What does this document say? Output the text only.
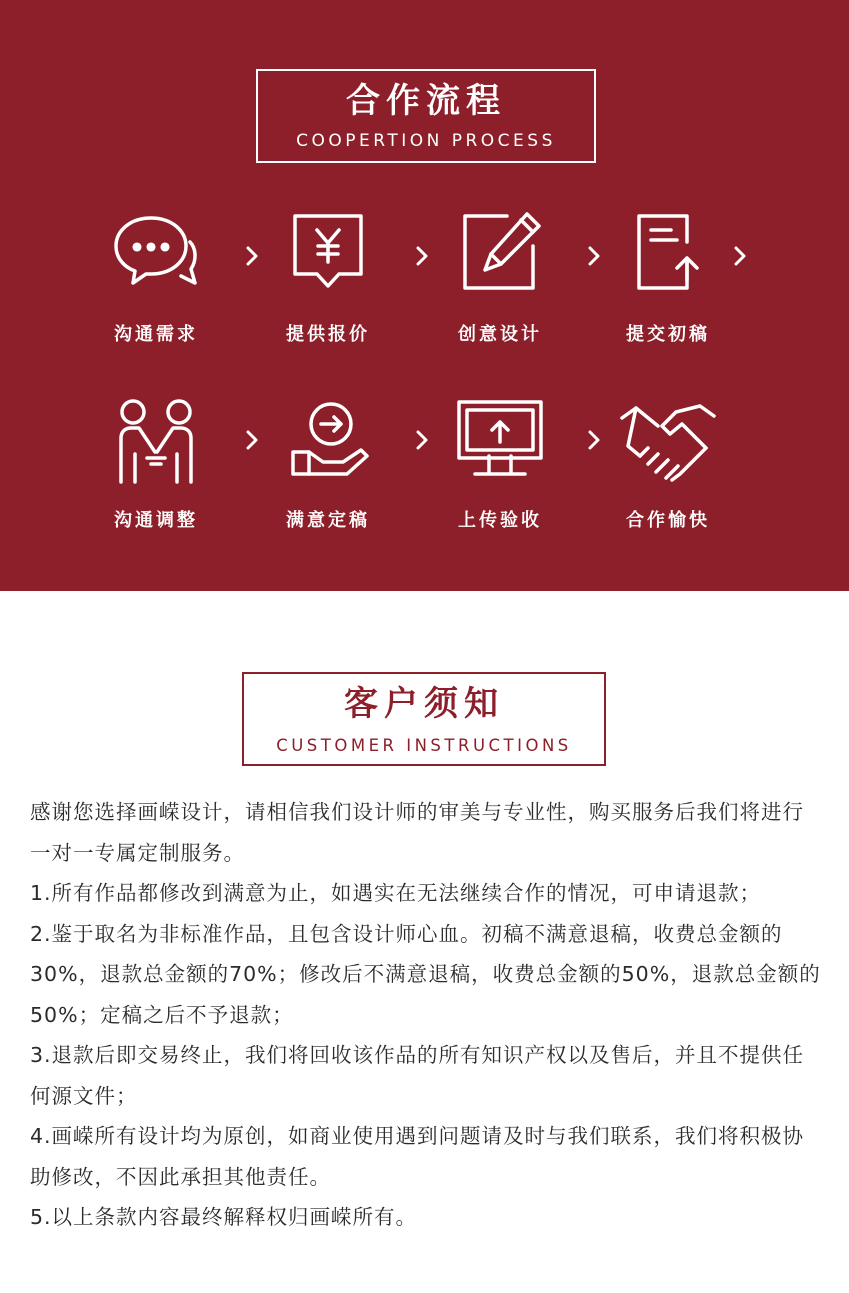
合作流程
COOPERTION PROCESS
沟通需求	提供报价	创意设计	提交初稿
沟通调整	满意定稿	上传验收	合作愉快
客户须知
CUSTOMER INSTRUCTIONS

感谢您选择画嵘设计，请相信我们设计师的审美与专业性，购买服务后我们将进行一对一专属定制服务。

1.所有作品都修改到满意为止，如遇实在无法继续合作的情况，可申请退款；

2.鉴于取名为非标准作品，且包含设计师心血。初稿不满意退稿，收费总金额的30%，退款总金额的70%；修改后不满意退稿，收费总金额的50%，退款总金额的50%；定稿之后不予退款；

3.退款后即交易终止，我们将回收该作品的所有知识产权以及售后，并且不提供任何源文件；

4.画嵘所有设计均为原创，如商业使用遇到问题请及时与我们联系，我们将积极协助修改，不因此承担其他责任。

5.以上条款内容最终解释权归画嵘所有。
